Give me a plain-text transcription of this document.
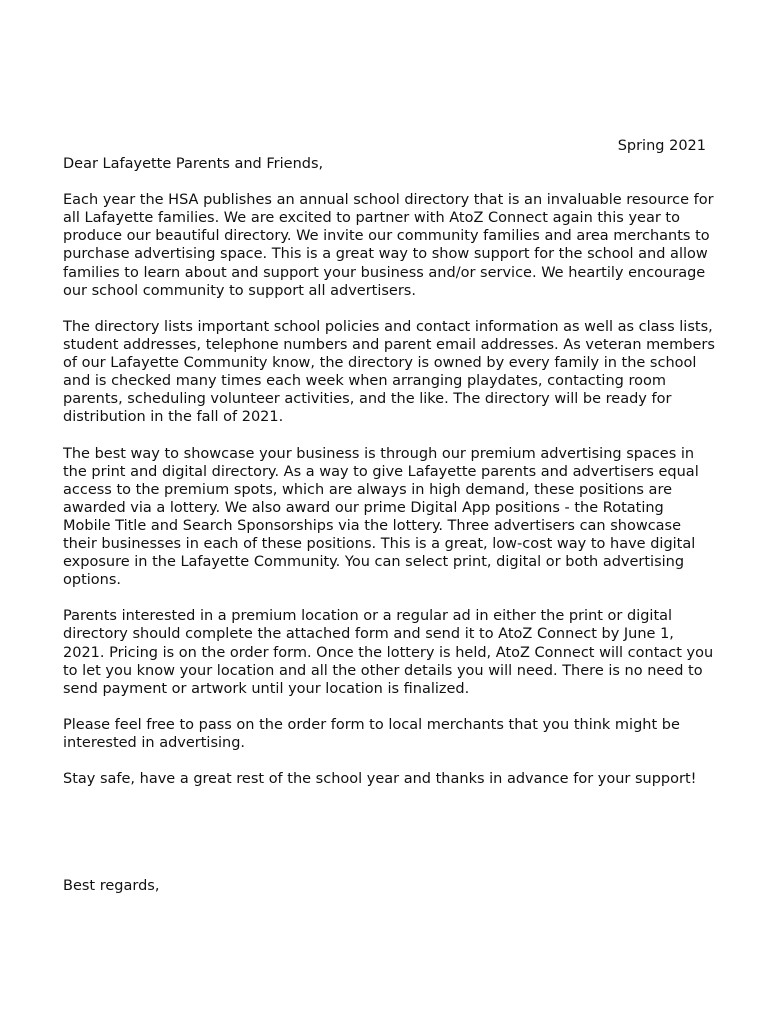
Spring 2021

Dear Lafayette Parents and Friends,

Each year the HSA publishes an annual school directory that is an invaluable resource for all Lafayette families. We are excited to partner with AtoZ Connect again this year to produce our beautiful directory. We invite our community families and area merchants to purchase advertising space. This is a great way to show support for the school and allow families to learn about and support your business and/or service. We heartily encourage our school community to support all advertisers.

The directory lists important school policies and contact information as well as class lists, student addresses, telephone numbers and parent email addresses. As veteran members of our Lafayette Community know, the directory is owned by every family in the school and is checked many times each week when arranging playdates, contacting room parents, scheduling volunteer activities, and the like. The directory will be ready for distribution in the fall of 2021.

The best way to showcase your business is through our premium advertising spaces in the print and digital directory. As a way to give Lafayette parents and advertisers equal access to the premium spots, which are always in high demand, these positions are awarded via a lottery. We also award our prime Digital App positions - the Rotating Mobile Title and Search Sponsorships via the lottery. Three advertisers can showcase their businesses in each of these positions. This is a great, low-cost way to have digital exposure in the Lafayette Community. You can select print, digital or both advertising options.

Parents interested in a premium location or a regular ad in either the print or digital directory should complete the attached form and send it to AtoZ Connect by June 1, 2021. Pricing is on the order form. Once the lottery is held, AtoZ Connect will contact you to let you know your location and all the other details you will need. There is no need to send payment or artwork until your location is finalized.

Please feel free to pass on the order form to local merchants that you think might be interested in advertising.

Stay safe, have a great rest of the school year and thanks in advance for your support!

Best regards,
